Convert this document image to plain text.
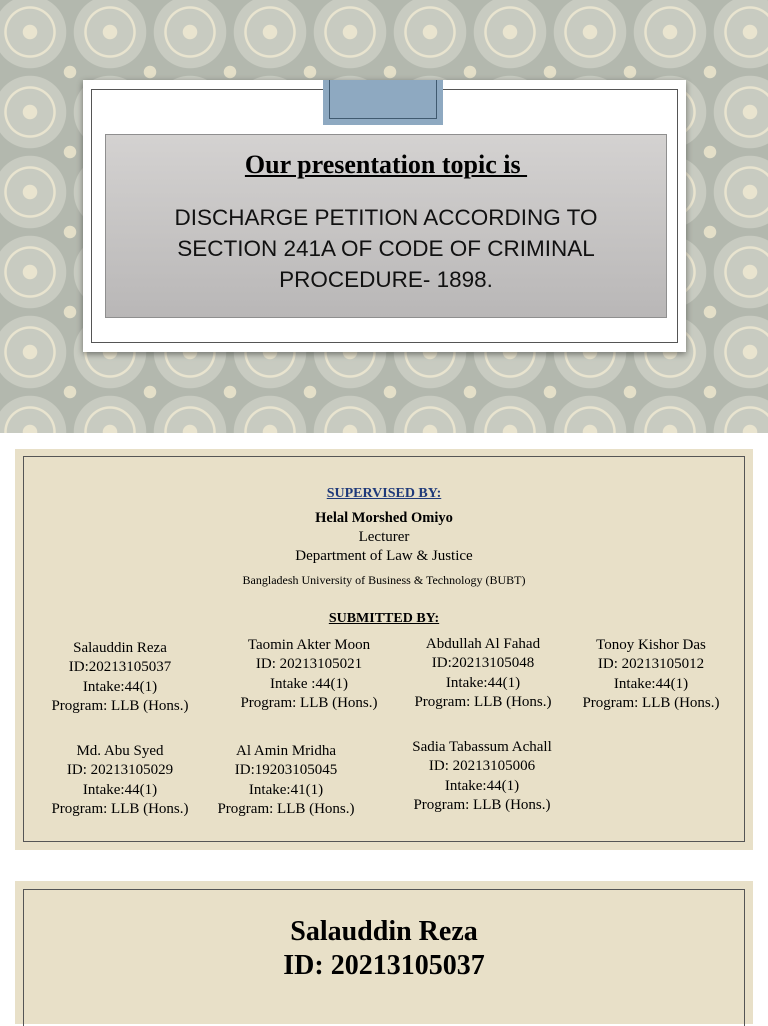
Our presentation topic is
DISCHARGE PETITION ACCORDING TO SECTION 241A OF CODE OF CRIMINAL PROCEDURE- 1898.
SUPERVISED BY:
Helal Morshed Omiyo
Lecturer
Department of Law & Justice
Bangladesh University of Business & Technology (BUBT)
SUBMITTED BY:
Salauddin Reza
ID:20213105037
Intake:44(1)
Program: LLB (Hons.)
Taomin Akter Moon
ID: 20213105021
Intake :44(1)
Program: LLB (Hons.)
Abdullah Al Fahad
ID:20213105048
Intake:44(1)
Program: LLB (Hons.)
Tonoy Kishor Das
ID: 20213105012
Intake:44(1)
Program: LLB (Hons.)
Md. Abu Syed
ID: 20213105029
Intake:44(1)
Program: LLB (Hons.)
Al Amin Mridha
ID:19203105045
Intake:41(1)
Program: LLB (Hons.)
Sadia Tabassum Achall
ID: 20213105006
Intake:44(1)
Program: LLB (Hons.)
Salauddin Reza
ID: 20213105037
